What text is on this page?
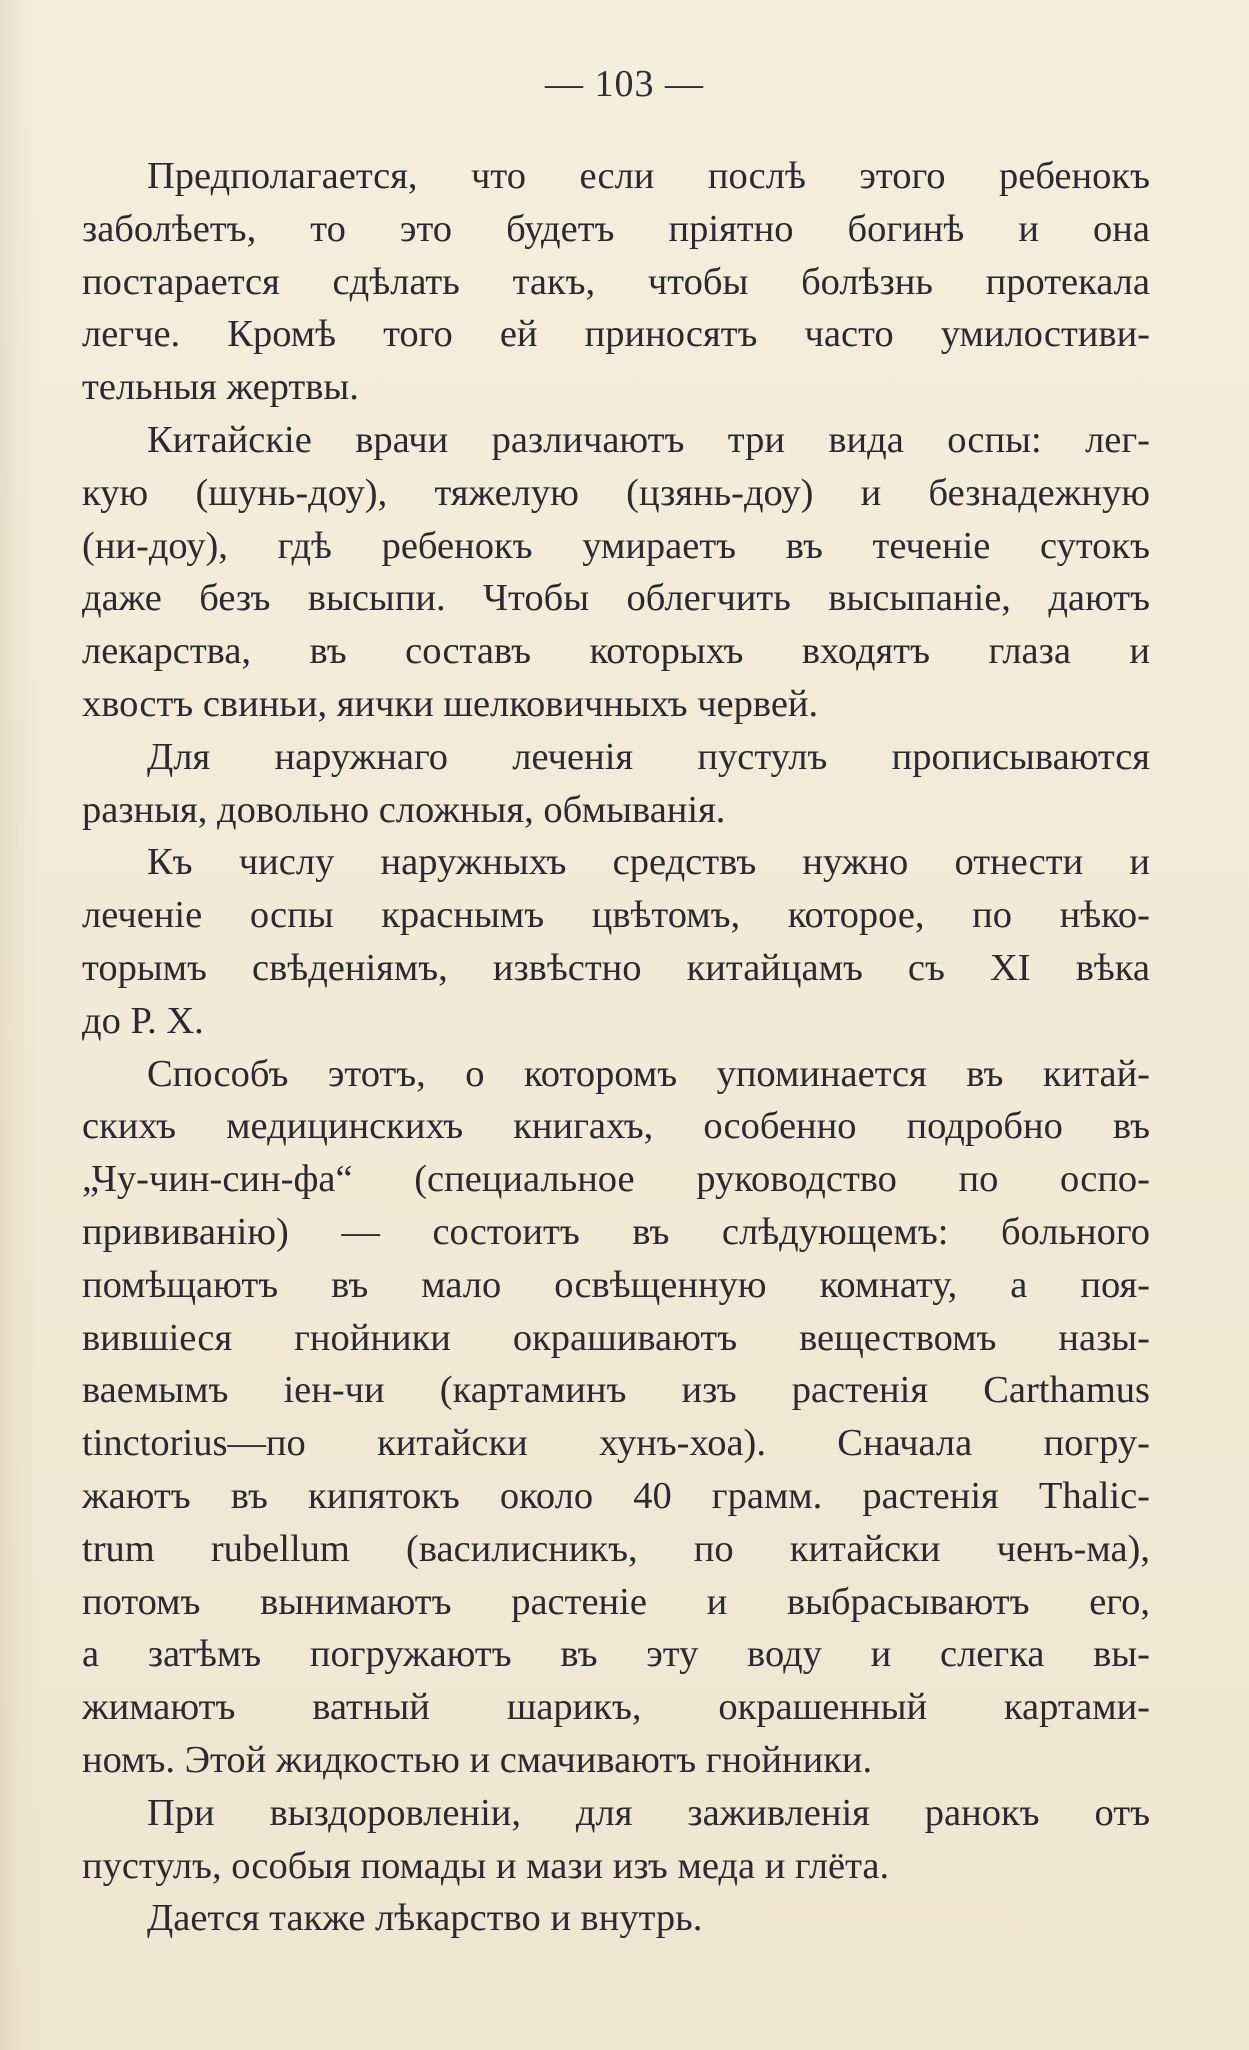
— 103 —

Предполагается, что если послѣ этого ребенокъ
заболѣетъ, то это будетъ пріятно богинѣ и она
постарается сдѣлать такъ, чтобы болѣзнь протекала
легче. Кромѣ того ей приносятъ часто умилостиви-
тельныя жертвы.

Китайскіе врачи различаютъ три вида оспы: лег-
кую (шунь-доу), тяжелую (цзянь-доу) и безнадежную
(ни-доу), гдѣ ребенокъ умираетъ въ теченіе сутокъ
даже безъ высыпи. Чтобы облегчить высыпаніе, даютъ
лекарства, въ составъ которыхъ входятъ глаза и
хвостъ свиньи, яички шелковичныхъ червей.

Для наружнаго леченія пустулъ прописываются
разныя, довольно сложныя, обмыванія.

Къ числу наружныхъ средствъ нужно отнести и
леченіе оспы краснымъ цвѣтомъ, которое, по нѣко-
торымъ свѣденіямъ, извѣстно китайцамъ съ XI вѣка
до Р. Х.

Способъ этотъ, о которомъ упоминается въ китай-
скихъ медицинскихъ книгахъ, особенно подробно въ
„Чу-чин-син-фа“ (специальное руководство по оспо-
прививанію) — состоитъ въ слѣдующемъ: больного
помѣщаютъ въ мало освѣщенную комнату, а поя-
вившіеся гнойники окрашиваютъ веществомъ назы-
ваемымъ іен-чи (картаминъ изъ растенія Carthamus
tinctorius—по китайски хунъ-хоа). Сначала погру-
жаютъ въ кипятокъ около 40 грамм. растенія Thalic-
trum rubellum (василисникъ, по китайски ченъ-ма),
потомъ вынимаютъ растеніе и выбрасываютъ его,
а затѣмъ погружаютъ въ эту воду и слегка вы-
жимаютъ ватный шарикъ, окрашенный картами-
номъ. Этой жидкостью и смачиваютъ гнойники.

При выздоровленіи, для заживленія ранокъ отъ
пустулъ, особыя помады и мази изъ меда и глёта.

Дается также лѣкарство и внутрь.
